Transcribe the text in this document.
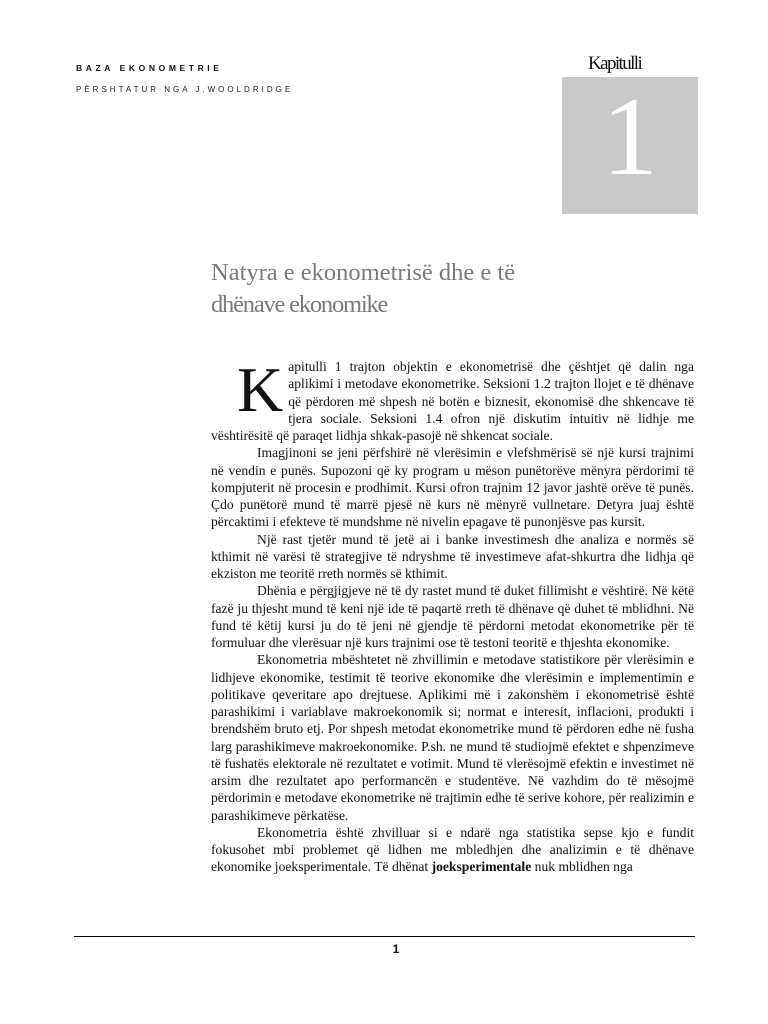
BAZA EKONOMETRIE
PËRSHTATUR NGA J.WOOLDRIDGE
Kapitulli
1
Natyra e ekonometrisë dhe e të
dhënave ekonomike

Kapitulli 1 trajton objektin e ekonometrisë dhe çështjet që dalin nga aplikimi i metodave ekonometrike. Seksioni 1.2 trajton llojet e të dhënave që përdoren më shpesh në botën e biznesit, ekonomisë dhe shkencave të tjera sociale. Seksioni 1.4 ofron një diskutim intuitiv në lidhje me vështirësitë që paraqet lidhja shkak-pasojë në shkencat sociale.

Imagjinoni se jeni përfshirë në vlerësimin e vlefshmërisë së një kursi trajnimi në vendin e punës. Supozoni që ky program u mëson punëtorëve mënyra përdorimi të kompjuterit në procesin e prodhimit. Kursi ofron trajnim 12 javor jashtë orëve të punës. Çdo punëtorë mund të marrë pjesë në kurs në mënyrë vullnetare. Detyra juaj është përcaktimi i efekteve të mundshme në nivelin epagave të punonjësve pas kursit.

Një rast tjetër mund të jetë ai i banke investimesh dhe analiza e normës së kthimit në varësi të strategjive të ndryshme të investimeve afat-shkurtra dhe lidhja që ekziston me teoritë rreth normës së kthimit.

Dhënia e përgjigjeve në të dy rastet mund të duket fillimisht e vështirë. Në këtë fazë ju thjesht mund të keni një ide të paqartë rreth të dhënave që duhet të mblidhni. Në fund të këtij kursi ju do të jeni në gjendje të përdorni metodat ekonometrike për të formuluar dhe vlerësuar një kurs trajnimi ose të testoni teoritë e thjeshta ekonomike.

Ekonometria mbështetet në zhvillimin e metodave statistikore për vlerësimin e lidhjeve ekonomike, testimit të teorive ekonomike dhe vlerësimin e implementimin e politikave qeveritare apo drejtuese. Aplikimi më i zakonshëm i ekonometrisë është parashikimi i variablave makroekonomik si; normat e interesit, inflacioni, produkti i brendshëm bruto etj. Por shpesh metodat ekonometrike mund të përdoren edhe në fusha larg parashikimeve makroekonomike. P.sh. ne mund të studiojmë efektet e shpenzimeve të fushatës elektorale në rezultatet e votimit. Mund të vlerësojmë efektin e investimet në arsim dhe rezultatet apo performancën e studentëve. Në vazhdim do të mësojmë përdorimin e metodave ekonometrike në trajtimin edhe të serive kohore, për realizimin e parashikimeve përkatëse.

Ekonometria është zhvilluar si e ndarë nga statistika sepse kjo e fundit fokusohet mbi problemet që lidhen me mbledhjen dhe analizimin e të dhënave ekonomike joeksperimentale. Të dhënat joeksperimentale nuk mblidhen nga

1
